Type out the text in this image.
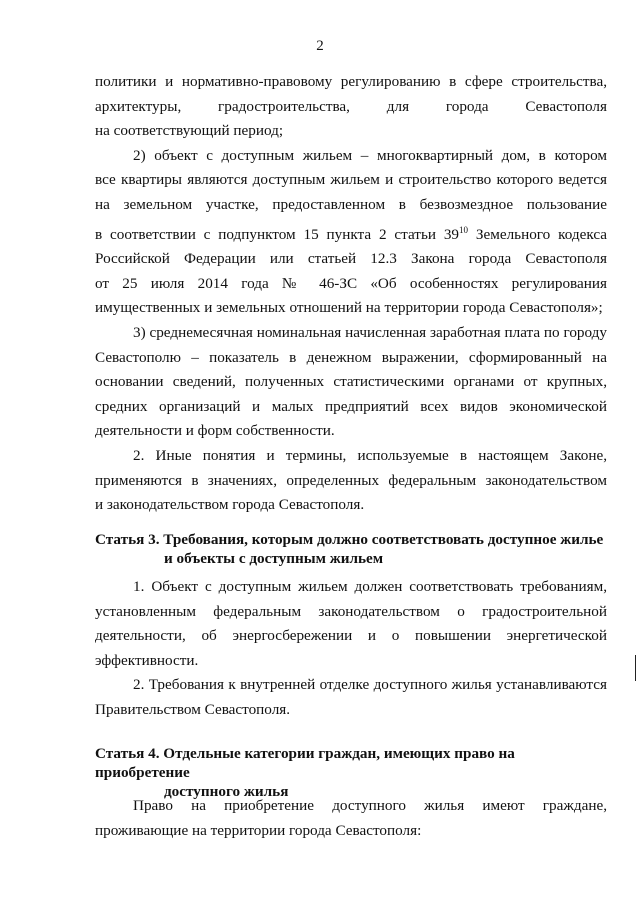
2

политики и нормативно-правовому регулированию в сфере строительства,

архитектуры, градостроительства, для города Севастополя

на соответствующий период;

2) объект с доступным жильем – многоквартирный дом, в котором

все квартиры являются доступным жильем и строительство которого ведется

на земельном участке, предоставленном в безвозмездное пользование

в соответствии с подпунктом 15 пункта 2 статьи $39^{10}$ Земельного кодекса

Российской Федерации или статьей 12.3 Закона города Севастополя

от 25 июля 2014 года № 46-ЗС «Об особенностях регулирования

имущественных и земельных отношений на территории города Севастополя»;

3) среднемесячная номинальная начисленная заработная плата по городу

Севастополю – показатель в денежном выражении, сформированный на

основании сведений, полученных статистическими органами от крупных,

средних организаций и малых предприятий всех видов экономической

деятельности и форм собственности.

2. Иные понятия и термины, используемые в настоящем Законе,

применяются в значениях, определенных федеральным законодательством

и законодательством города Севастополя.

Статья 3. Требования, которым должно соответствовать доступное жилье
и объекты с доступным жильем

1. Объект с доступным жильем должен соответствовать требованиям,

установленным федеральным законодательством о градостроительной

деятельности, об энергосбережении и о повышении энергетической

эффективности.

2. Требования к внутренней отделке доступного жилья устанавливаются

Правительством Севастополя.

Статья 4. Отдельные категории граждан, имеющих право на приобретение
доступного жилья

Право на приобретение доступного жилья имеют граждане,

проживающие на территории города Севастополя:
